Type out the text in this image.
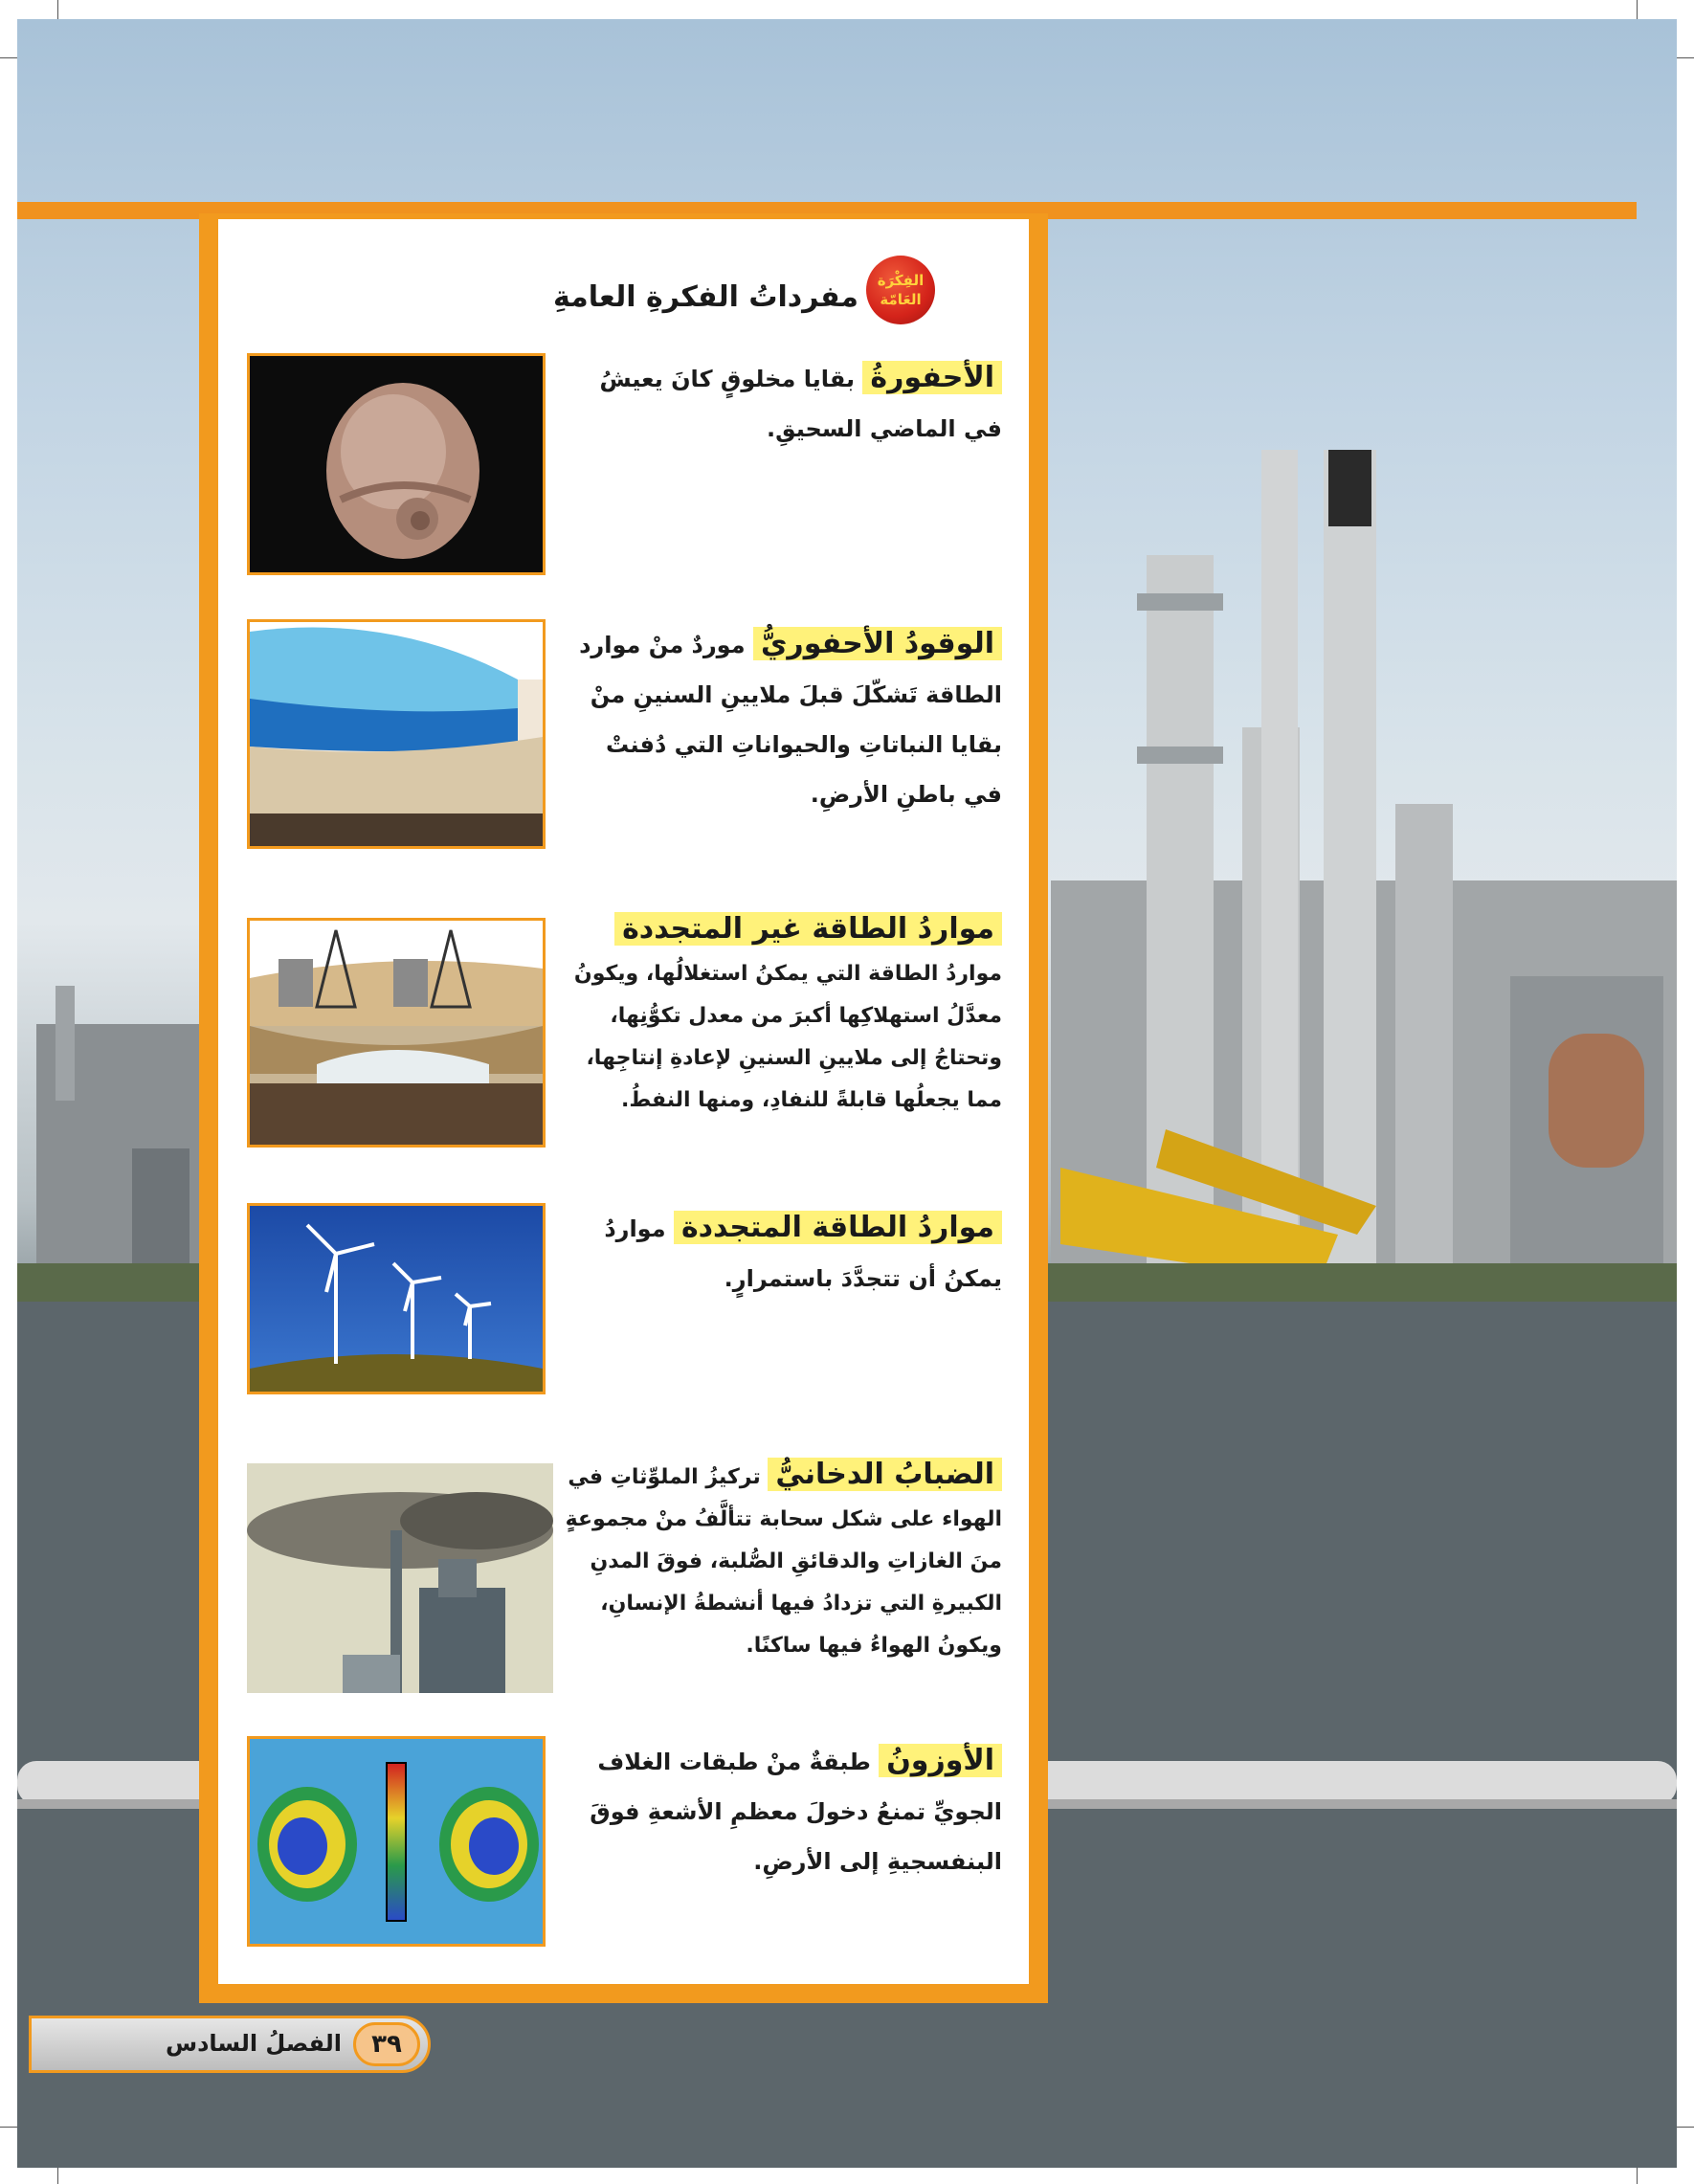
الفِكْرَة
العَامّة
مفرداتُ الفكرةِ العامةِ
الأحفورةُ بقايا مخلوقٍ كانَ يعيشُ في الماضي السحيقِ.
الوقودُ الأحفوريُّ موردٌ منْ موارد الطاقة تَشكّلَ قبلَ ملايينِ السنينِ منْ بقايا النباتاتِ والحيواناتِ التي دُفنتْ في باطنِ الأرضِ.
مواردُ الطاقة غير المتجددة
مواردُ الطاقة التي يمكنُ استغلالُها، ويكونُ معدَّلُ استهلاكِها أكبرَ من معدل تكوُّنِها، وتحتاجُ إلى ملايينِ السنينِ لإعادةِ إنتاجِها، مما يجعلُها قابلةً للنفادِ، ومنها النفطُ.
مواردُ الطاقة المتجددة مواردُ يمكنُ أن تتجدَّدَ باستمرارٍ.
الضبابُ الدخانيُّ تركيزُ الملوِّثاتِ في الهواء على شكل سحابة تتألَّفُ منْ مجموعةٍ منَ الغازاتِ والدقائقِ الصُّلبة، فوقَ المدنِ الكبيرةِ التي تزدادُ فيها أنشطةُ الإنسانِ، ويكونُ الهواءُ فيها ساكنًا.
الأوزونُ طبقةٌ منْ طبقات الغلاف الجويِّ تمنعُ دخولَ معظمِ الأشعةِ فوقَ البنفسجيةِ إلى الأرضِ.
الفصلُ السادس	٣٩
